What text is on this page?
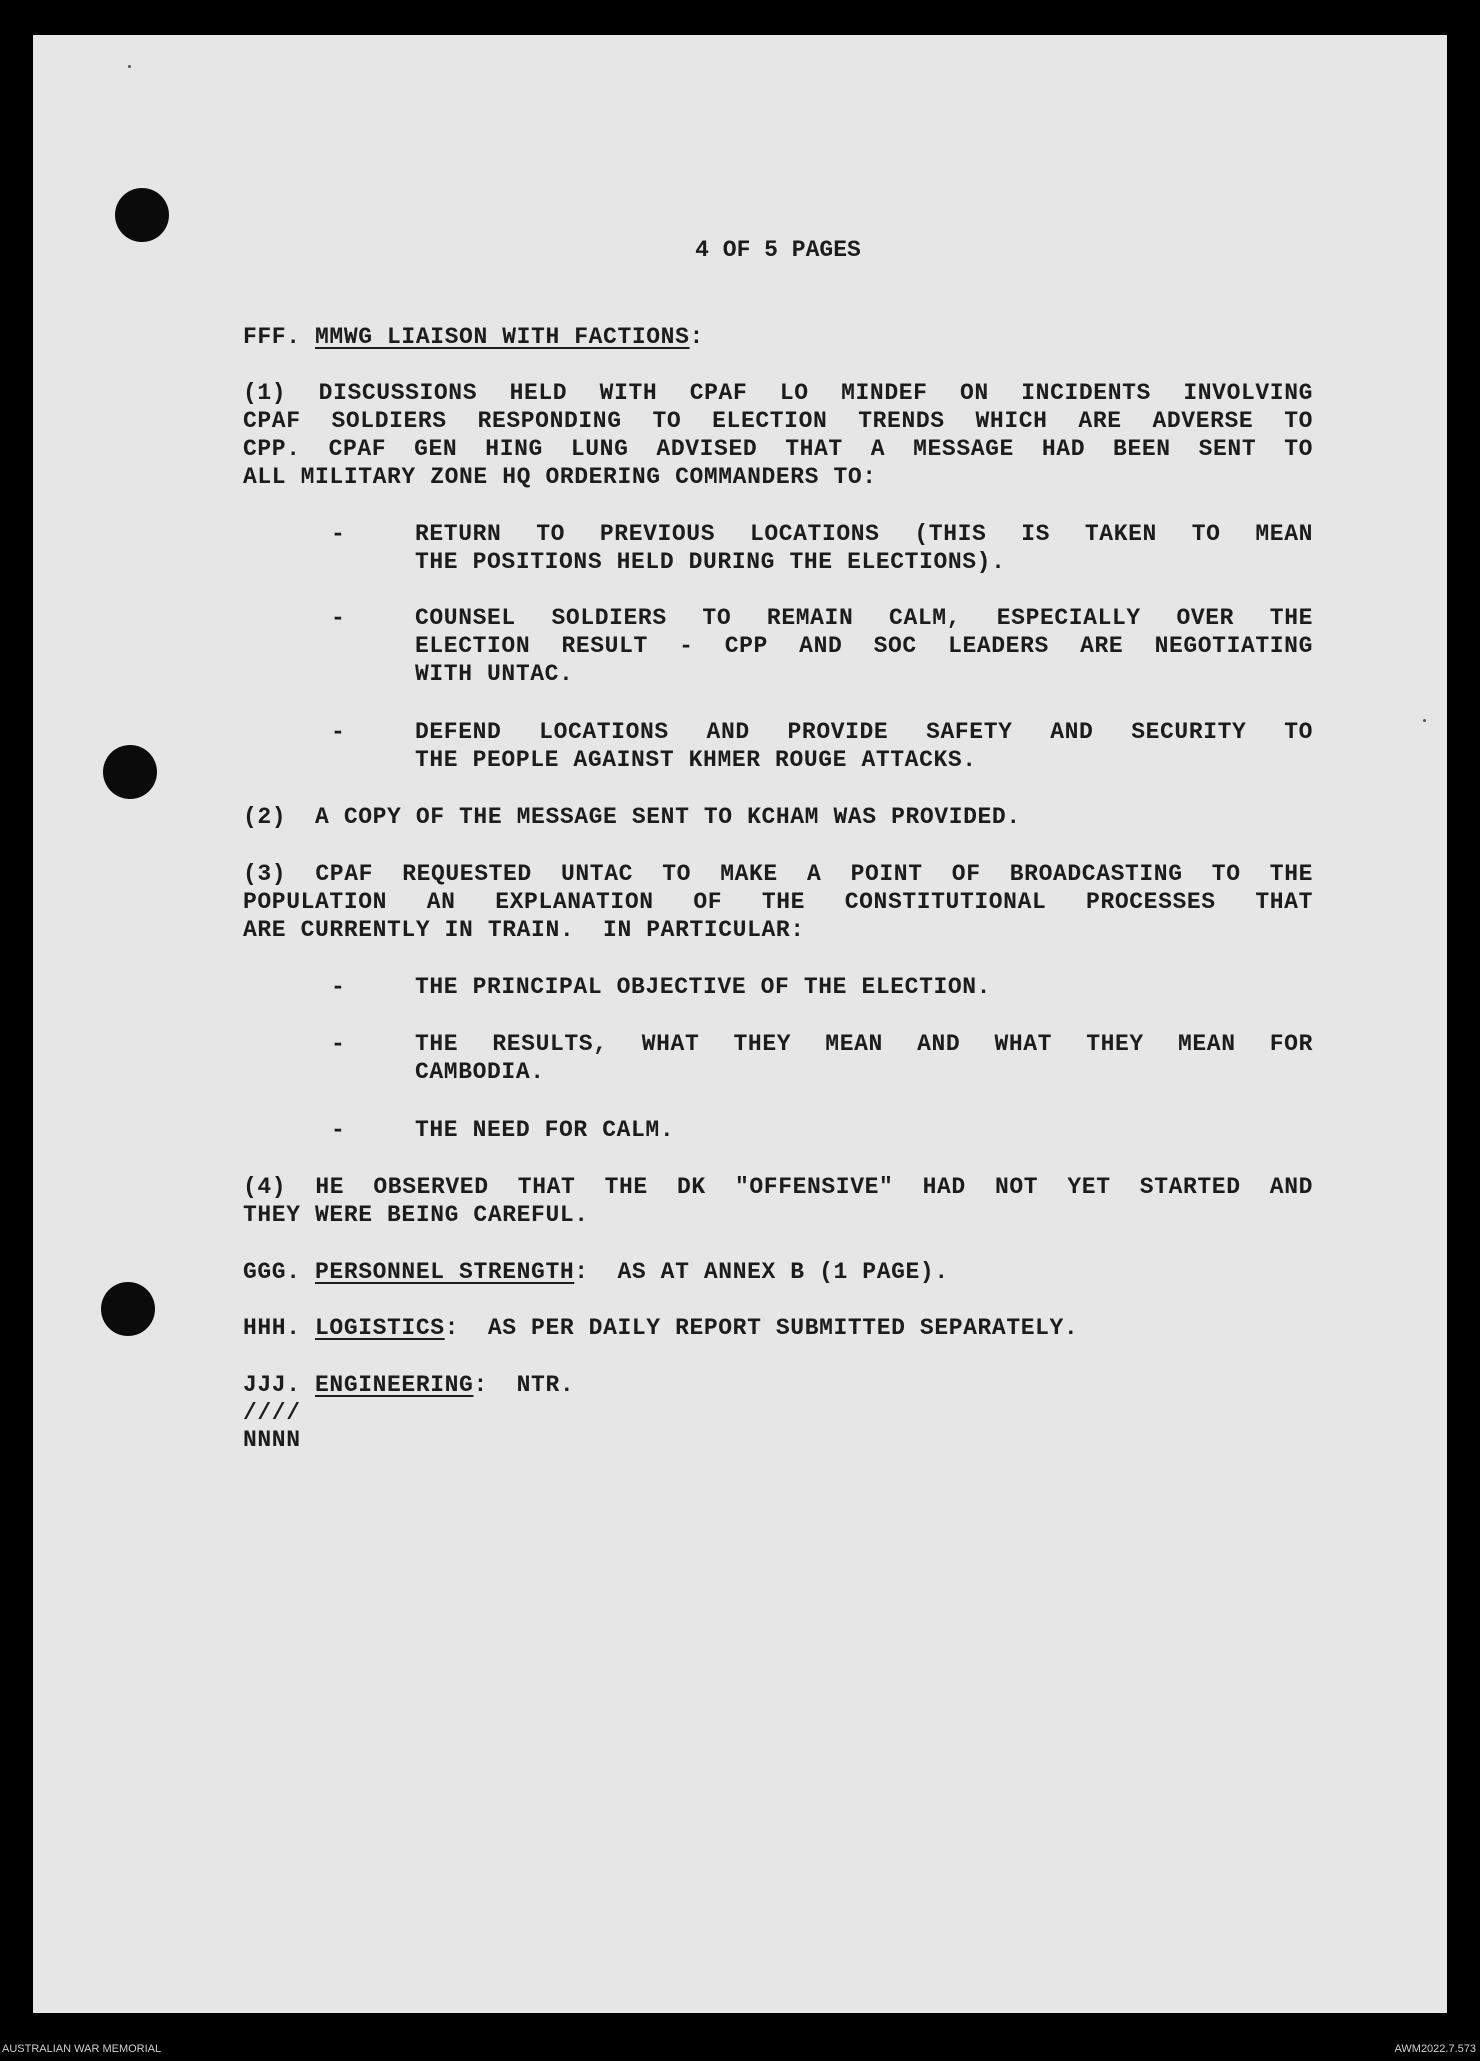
4 OF 5 PAGES
FFF. MMWG LIAISON WITH FACTIONS:
(1) DISCUSSIONS HELD WITH CPAF LO MINDEF ON INCIDENTS INVOLVING
CPAF SOLDIERS RESPONDING TO ELECTION TRENDS WHICH ARE ADVERSE TO
CPP. CPAF GEN HING LUNG ADVISED THAT A MESSAGE HAD BEEN SENT TO
ALL MILITARY ZONE HQ ORDERING COMMANDERS TO:
-	RETURN TO PREVIOUS LOCATIONS (THIS IS TAKEN TO MEAN
THE POSITIONS HELD DURING THE ELECTIONS).
-	COUNSEL SOLDIERS TO REMAIN CALM, ESPECIALLY OVER THE
ELECTION RESULT - CPP AND SOC LEADERS ARE NEGOTIATING
WITH UNTAC.
-	DEFEND LOCATIONS AND PROVIDE SAFETY AND SECURITY TO
THE PEOPLE AGAINST KHMER ROUGE ATTACKS.
(2)  A COPY OF THE MESSAGE SENT TO KCHAM WAS PROVIDED.
(3) CPAF REQUESTED UNTAC TO MAKE A POINT OF BROADCASTING TO THE
POPULATION AN EXPLANATION OF THE CONSTITUTIONAL PROCESSES THAT
ARE CURRENTLY IN TRAIN.  IN PARTICULAR:
-	THE PRINCIPAL OBJECTIVE OF THE ELECTION.
-	THE RESULTS, WHAT THEY MEAN AND WHAT THEY MEAN FOR
CAMBODIA.
-	THE NEED FOR CALM.
(4) HE OBSERVED THAT THE DK "OFFENSIVE" HAD NOT YET STARTED AND
THEY WERE BEING CAREFUL.
GGG. PERSONNEL STRENGTH:  AS AT ANNEX B (1 PAGE).
HHH. LOGISTICS:  AS PER DAILY REPORT SUBMITTED SEPARATELY.
JJJ. ENGINEERING:  NTR.
////
NNNN
AUSTRALIAN WAR MEMORIAL	AWM2022.7.573
